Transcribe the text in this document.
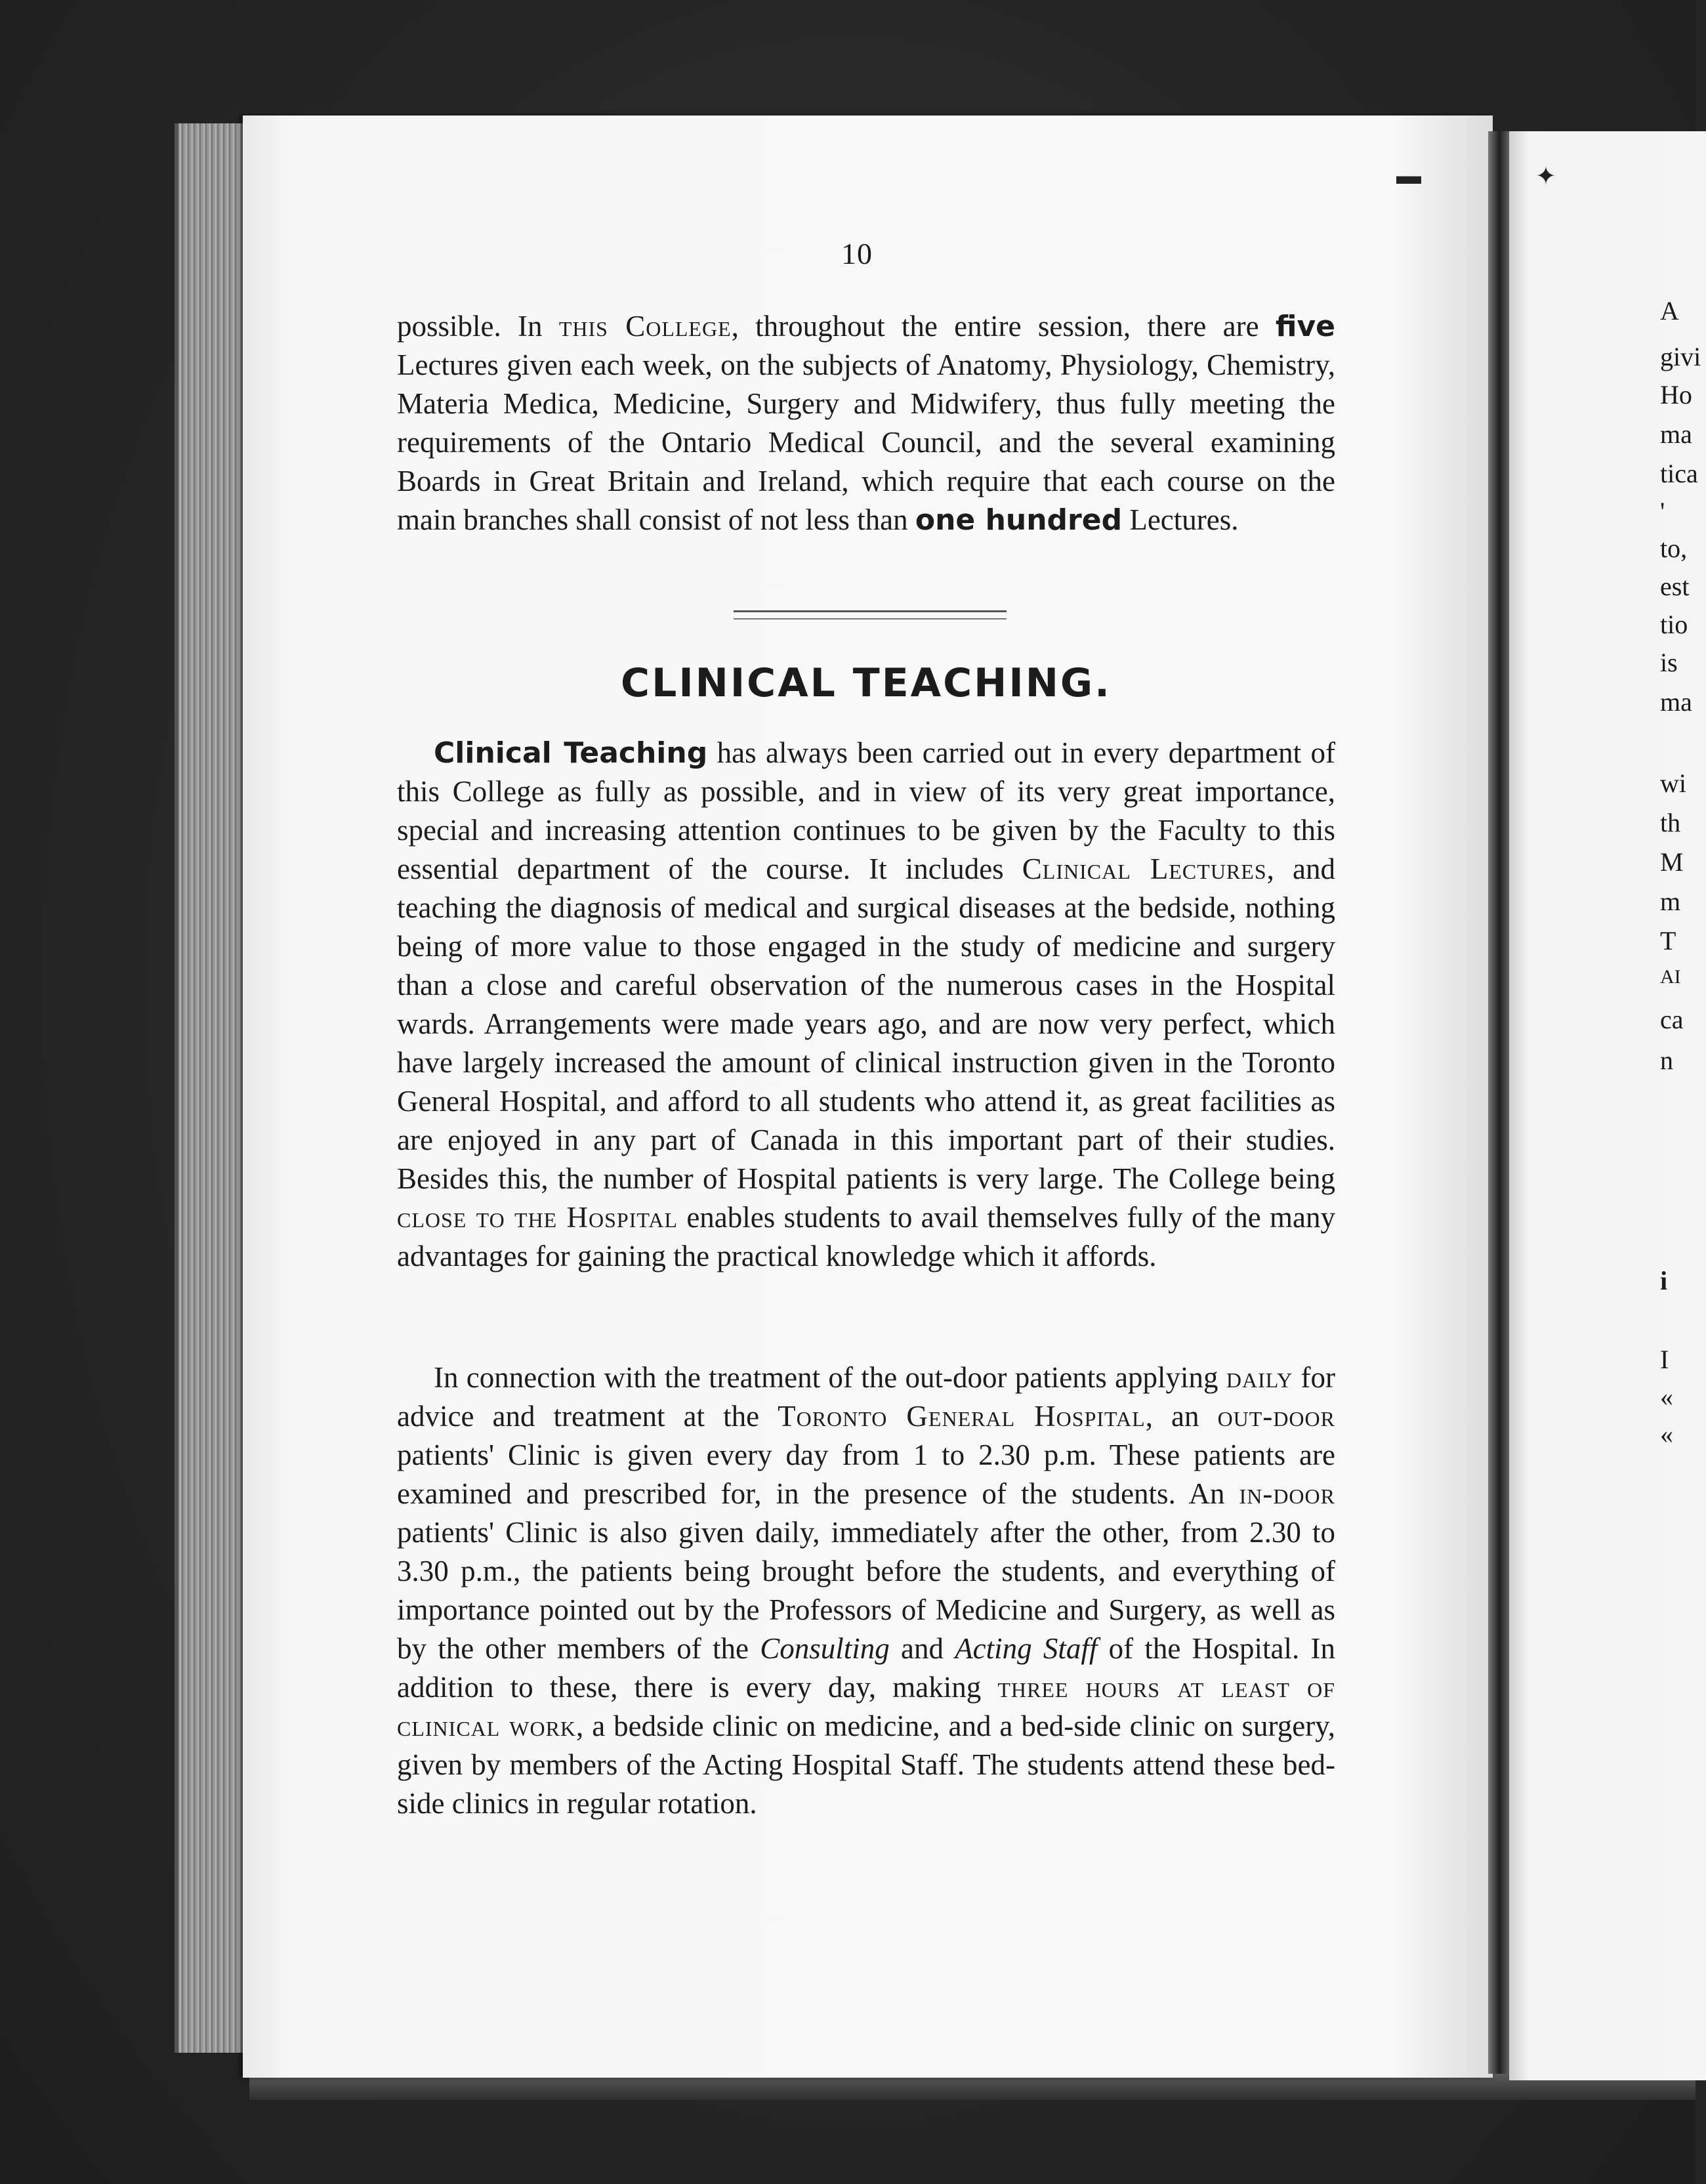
A

givi

Ho

ma

tica

'

to,

est

tio

is

ma

wi

th

M

m

T

AI

ca

n

i

I

«

«

▬	✦
10

possible. In this College, throughout the entire session, there are five Lectures given each week, on the subjects of Anatomy, Physiology, Chemistry, Materia Medica, Medicine, Surgery and Midwifery, thus fully meeting the requirements of the Ontario Medical Council, and the several examining Boards in Great Britain and Ireland, which require that each course on the main branches shall consist of not less than one hundred Lectures.

CLINICAL TEACHING.

Clinical Teaching has always been carried out in every department of this College as fully as possible, and in view of its very great importance, special and increasing attention continues to be given by the Faculty to this essential department of the course. It includes Clinical Lectures, and teaching the diagnosis of medical and surgical diseases at the bedside, nothing being of more value to those engaged in the study of medicine and surgery than a close and careful observation of the numerous cases in the Hospital wards. Arrangements were made years ago, and are now very perfect, which have largely increased the amount of clinical instruction given in the Toronto General Hospital, and afford to all students who attend it, as great facilities as are enjoyed in any part of Canada in this important part of their studies. Besides this, the number of Hospital patients is very large. The College being close to the Hospital enables students to avail themselves fully of the many advantages for gaining the practical knowledge which it affords.

In connection with the treatment of the out-door patients applying daily for advice and treatment at the Toronto General Hospital, an out-door patients' Clinic is given every day from 1 to 2.30 p.m. These patients are examined and prescribed for, in the presence of the students. An in-door patients' Clinic is also given daily, immediately after the other, from 2.30 to 3.30 p.m., the patients being brought before the students, and everything of importance pointed out by the Professors of Medicine and Surgery, as well as by the other members of the Consulting and Acting Staff of the Hospital. In addition to these, there is every day, making three hours at least of clinical work, a bedside clinic on medicine, and a bed-side clinic on surgery, given by members of the Acting Hospital Staff. The students attend these bed-side clinics in regular rotation.
